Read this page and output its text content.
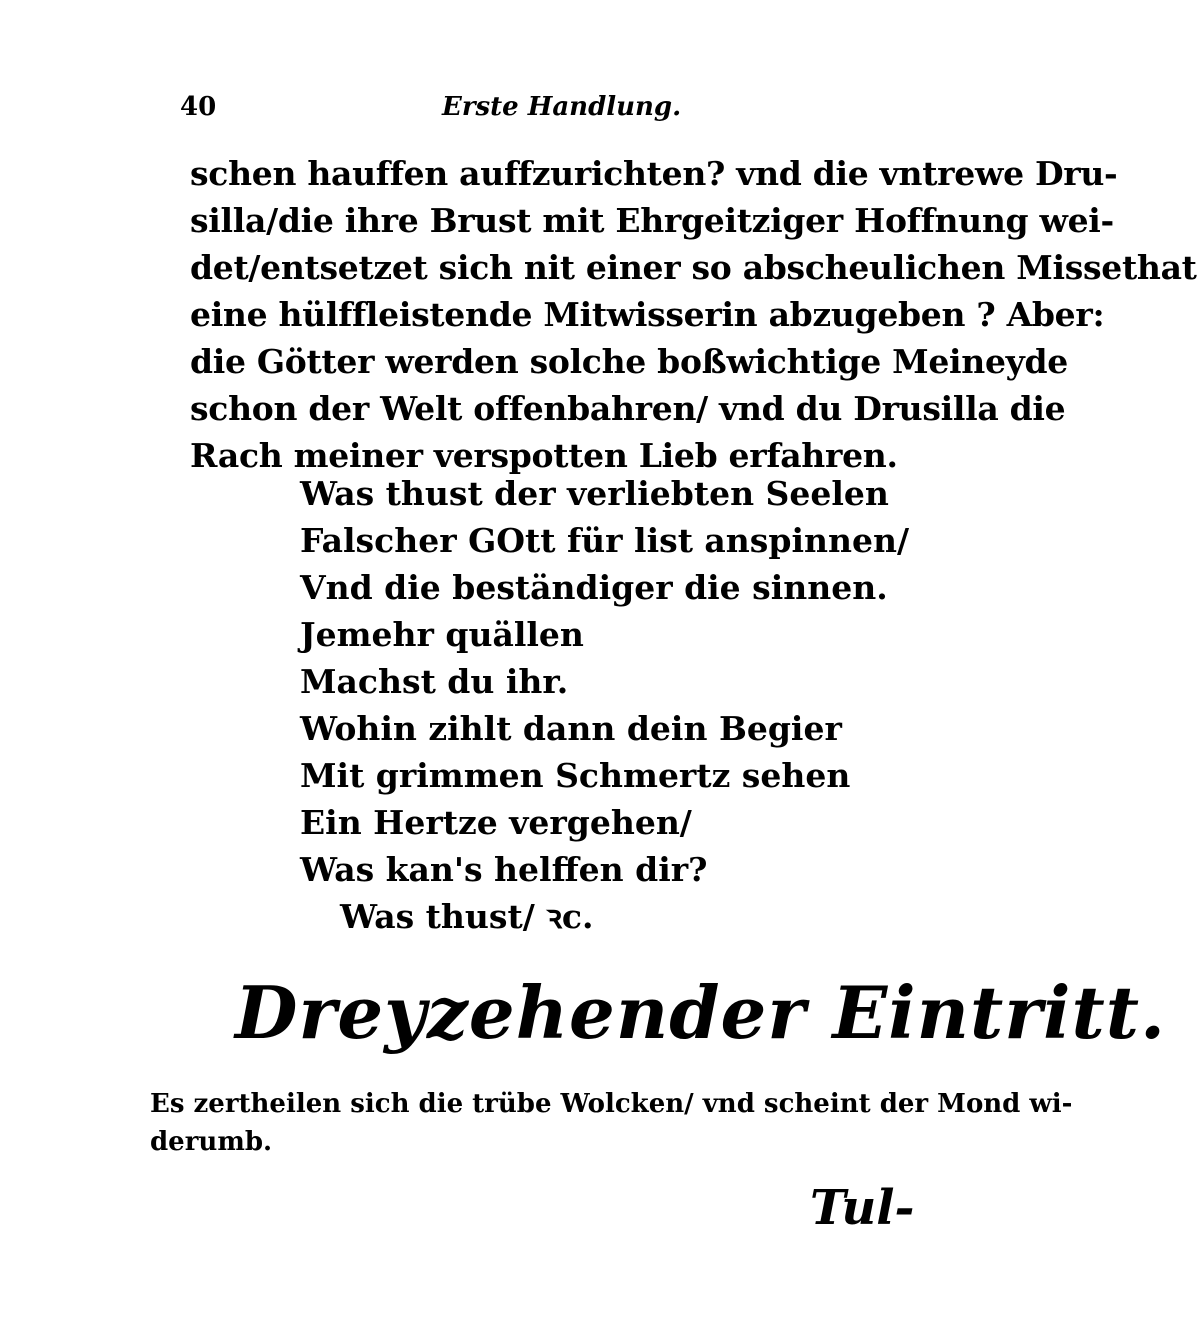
40	Erste Handlung.
schen hauffen auffzurichten? vnd die vntrewe Dru-
silla/die ihre Brust mit Ehrgeitziger Hoffnung wei-
det/entsetzet sich nit einer so abscheulichen Missethat
eine hülffleistende Mitwisserin abzugeben ? Aber:
die Götter werden solche boßwichtige Meineyde
schon der Welt offenbahren/ vnd du Drusilla die
Rach meiner verspotten Lieb erfahren.
Was thust der verliebten Seelen
Falscher GOtt für list anspinnen/
Vnd die beständiger die sinnen.
Jemehr quällen
Machst du ihr.
Wohin zihlt dann dein Begier
Mit grimmen Schmertz sehen
Ein Hertze vergehen/
Was kan's helffen dir?
Was thust/ ꝛc.
Dreyzehender Eintritt.
Es zertheilen sich die trübe Wolcken/ vnd scheint der Mond wi-
derumb.
Tul-
